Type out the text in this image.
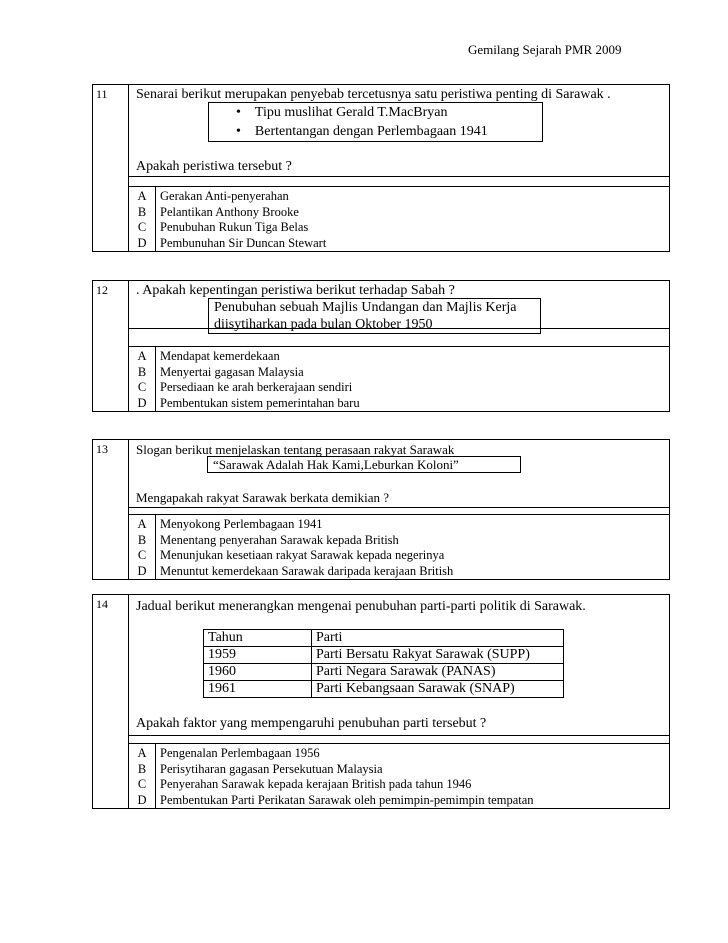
Gemilang Sejarah PMR 2009
11	Senarai berikut merupakan penyebab tercetusnya satu peristiwa penting di Sarawak .
•    Tipu muslihat Gerald T.MacBryan
•    Bertentangan dengan Perlembagaan 1941
Apakah peristiwa tersebut ?
A	Gerakan Anti-penyerahan
B	Pelantikan Anthony Brooke
C	Penubuhan Rukun Tiga Belas
D	Pembunuhan Sir Duncan Stewart
12	. Apakah kepentingan peristiwa berikut terhadap Sabah ?
Penubuhan sebuah Majlis Undangan dan Majlis Kerja
diisytiharkan pada bulan Oktober 1950
A	Mendapat kemerdekaan
B	Menyertai gagasan Malaysia
C	Persediaan ke arah berkerajaan sendiri
D	Pembentukan sistem pemerintahan baru
13	Slogan berikut menjelaskan tentang perasaan rakyat Sarawak
“Sarawak Adalah Hak Kami,Leburkan Koloni”
Mengapakah rakyat Sarawak berkata demikian ?
A	Menyokong Perlembagaan 1941
B	Menentang penyerahan Sarawak kepada British
C	Menunjukan kesetiaan rakyat Sarawak kepada negerinya
D	Menuntut kemerdekaan Sarawak daripada kerajaan British
14	Jadual berikut menerangkan mengenai penubuhan parti-parti politik di Sarawak.
Tahun	Parti
1959	Parti Bersatu Rakyat Sarawak (SUPP)
1960	Parti Negara Sarawak (PANAS)
1961	Parti Kebangsaan Sarawak (SNAP)
Apakah faktor yang mempengaruhi penubuhan parti tersebut ?
A	Pengenalan Perlembagaan 1956
B	Perisytiharan gagasan Persekutuan Malaysia
C	Penyerahan Sarawak kepada kerajaan British pada tahun 1946
D	Pembentukan Parti Perikatan Sarawak oleh pemimpin-pemimpin tempatan
